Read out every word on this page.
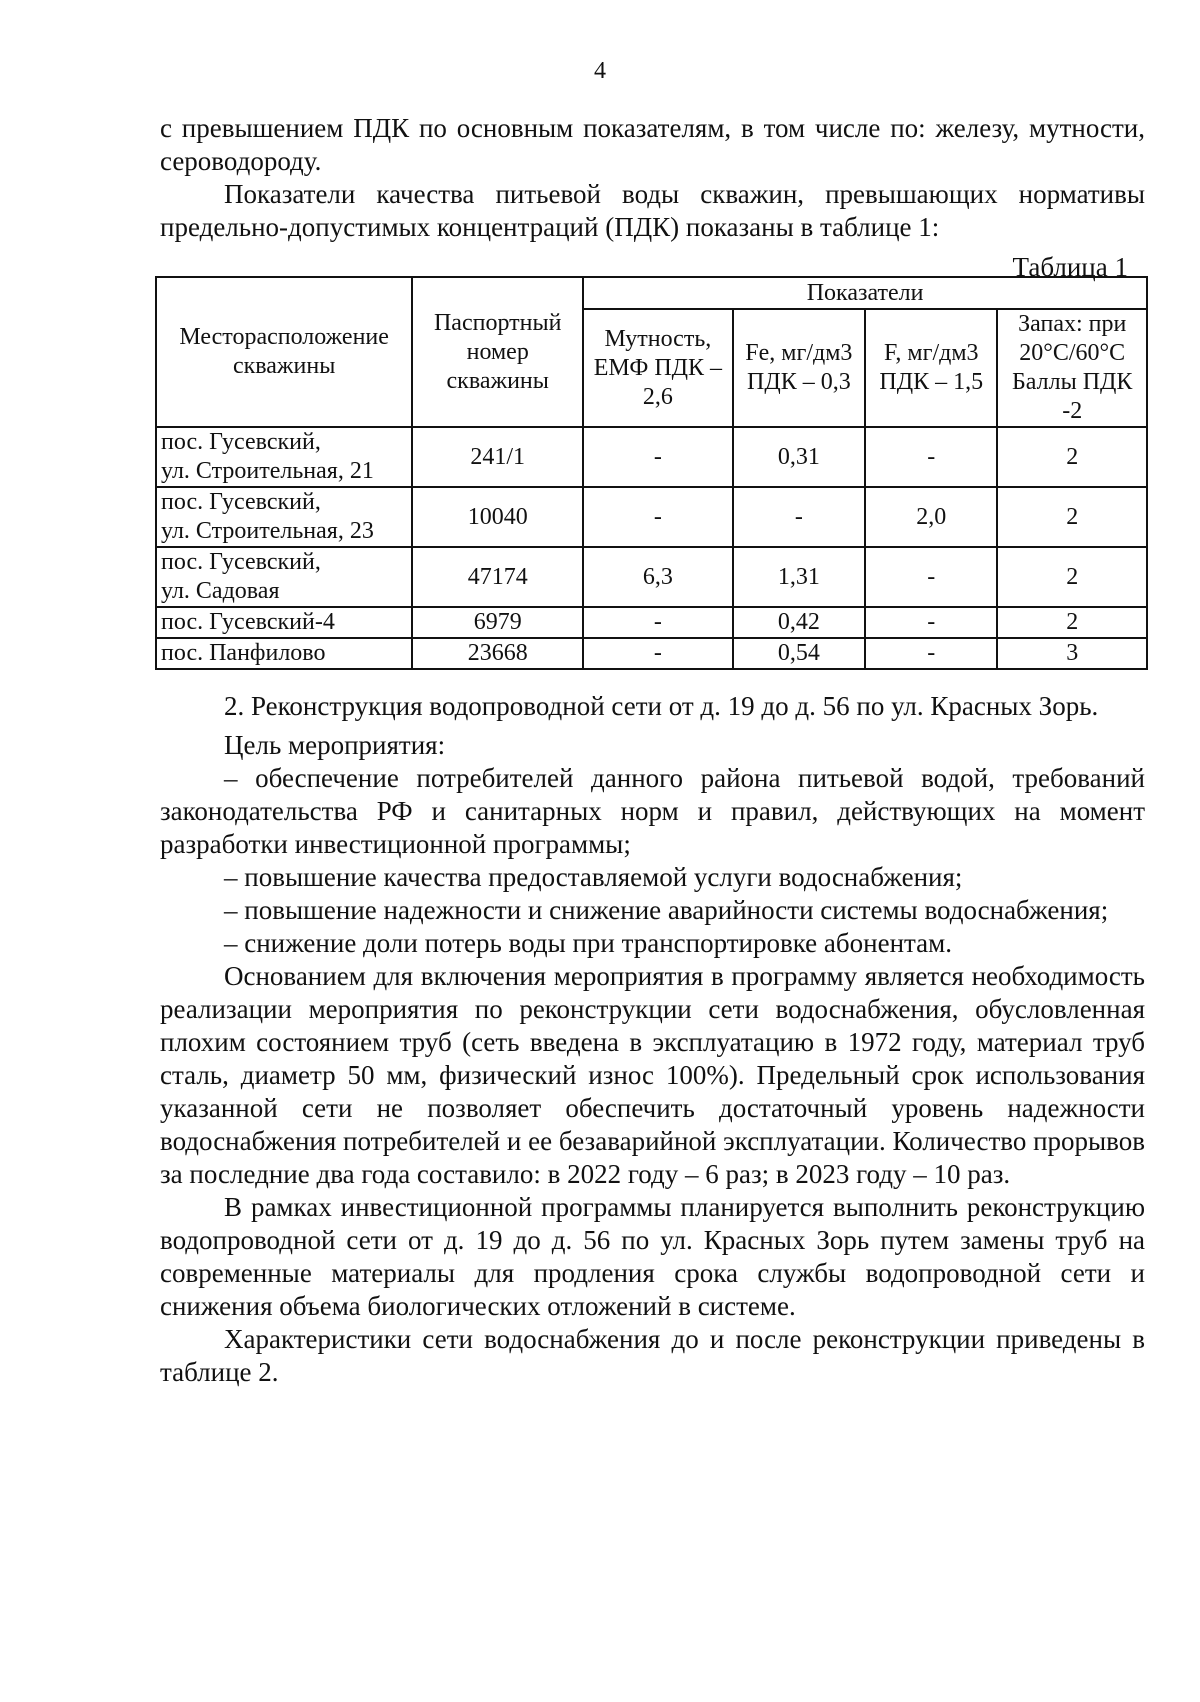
4
с превышением ПДК по основным показателям, в том числе по: железу, мутности, сероводороду.
Показатели качества питьевой воды скважин, превышающих нормативы предельно-допустимых концентраций (ПДК) показаны в таблице 1:
Таблица 1
Месторасположение скважины	Паспортный номер скважины	Показатели			
		Мутность, ЕМФ ПДК – 2,6	Fe, мг/дм3 ПДК – 0,3	F, мг/дм3 ПДК – 1,5	Запах: при 20°С/60°С Баллы ПДК -2

пос. Гусевский,
ул. Строительная, 21	241/1	-	0,31	-	2

пос. Гусевский,
ул. Строительная, 23	10040	-	-	2,0	2

пос. Гусевский,
ул. Садовая	47174	6,3	1,31	-	2

пос. Гусевский-4	6979	-	0,42	-	2

пос. Панфилово	23668	-	0,54	-	3
2. Реконструкция водопроводной сети от д. 19 до д. 56 по ул. Красных Зорь.
Цель мероприятия:
– обеспечение потребителей данного района питьевой водой, требований законодательства РФ и санитарных норм и правил, действующих на момент разработки инвестиционной программы;
– повышение качества предоставляемой услуги водоснабжения;
– повышение надежности и снижение аварийности системы водоснабжения;
– снижение доли потерь воды при транспортировке абонентам.
Основанием для включения мероприятия в программу является необходимость реализации мероприятия по реконструкции сети водоснабжения, обусловленная плохим состоянием труб (сеть введена в эксплуатацию в 1972 году, материал труб сталь, диаметр 50 мм, физический износ 100%). Предельный срок использования указанной сети не позволяет обеспечить достаточный уровень надежности водоснабжения потребителей и ее безаварийной эксплуатации. Количество прорывов за последние два года составило: в 2022 году – 6 раз; в 2023 году – 10 раз.
В рамках инвестиционной программы планируется выполнить реконструкцию водопроводной сети от д. 19 до д. 56 по ул. Красных Зорь путем замены труб на современные материалы для продления срока службы водопроводной сети и снижения объема биологических отложений в системе.
Характеристики сети водоснабжения до и после реконструкции приведены в таблице 2.
